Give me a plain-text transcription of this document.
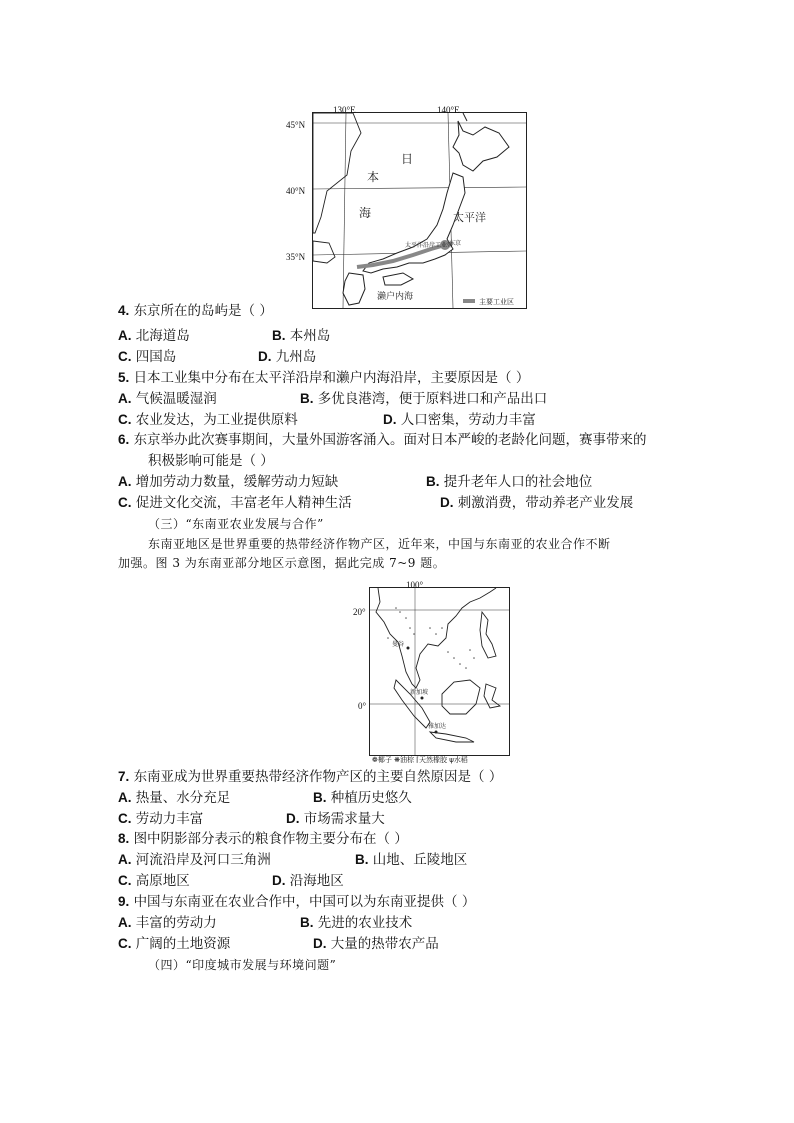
日
本
海	太平洋
太平洋沿岸工业带
东京
濑户内海	主要工业区
130°E	140°E
45°N
40°N
35°N
4. 东京所在的岛屿是（ ）
A. 北海道岛	B. 本州岛
C. 四国岛	D. 九州岛
5. 日本工业集中分布在太平洋沿岸和濑户内海沿岸，主要原因是（ ）
A. 气候温暖湿润	B. 多优良港湾，便于原料进口和产品出口
C. 农业发达，为工业提供原料	D. 人口密集，劳动力丰富
6. 东京举办此次赛事期间，大量外国游客涌入。面对日本严峻的老龄化问题，赛事带来的
积极影响可能是（ ）
A. 增加劳动力数量，缓解劳动力短缺	B. 提升老年人口的社会地位
C. 促进文化交流，丰富老年人精神生活	D. 刺激消费，带动养老产业发展
（三）“东南亚农业发展与合作”
东南亚地区是世界重要的热带经济作物产区，近年来，中国与东南亚的农业合作不断
加强。图 3 为东南亚部分地区示意图，据此完成 7~9 题。
曼谷
新加坡
雅加达
100°
20°
0°
❁椰子 ❋油棕 ⌈天然橡胶 ψ水稻
7. 东南亚成为世界重要热带经济作物产区的主要自然原因是（ ）
A. 热量、水分充足	B. 种植历史悠久
C. 劳动力丰富	D. 市场需求量大
8. 图中阴影部分表示的粮食作物主要分布在（ ）
A. 河流沿岸及河口三角洲	B. 山地、丘陵地区
C. 高原地区	D. 沿海地区
9. 中国与东南亚在农业合作中，中国可以为东南亚提供（ ）
A. 丰富的劳动力	B. 先进的农业技术
C. 广阔的土地资源	D. 大量的热带农产品
（四）“印度城市发展与环境问题”
